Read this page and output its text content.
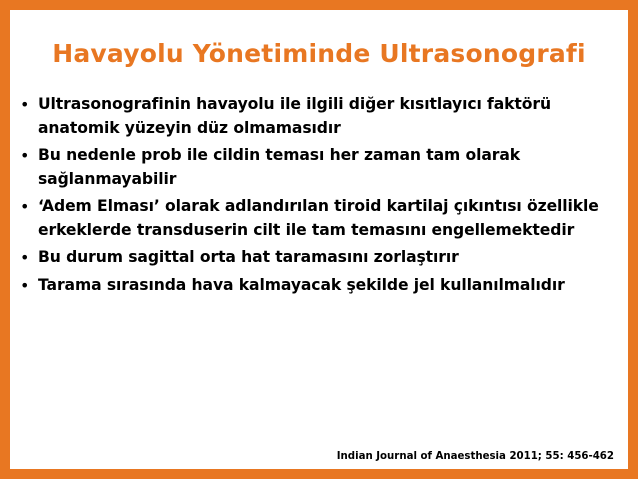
Havayolu Yönetiminde Ultrasonografi
• Ultrasonografinin havayolu ile ilgili diğer kısıtlayıcı faktörü
anatomik yüzeyin düz olmamasıdır
• Bu nedenle prob ile cildin teması her zaman tam olarak
sağlanmayabilir
• ‘Adem Elması’ olarak adlandırılan tiroid kartilaj çıkıntısı özellikle
erkeklerde transduserin cilt ile tam temasını engellemektedir
• Bu durum sagittal orta hat taramasını zorlaştırır
• Tarama sırasında hava kalmayacak şekilde jel kullanılmalıdır
Indian Journal of Anaesthesia 2011; 55: 456-462
